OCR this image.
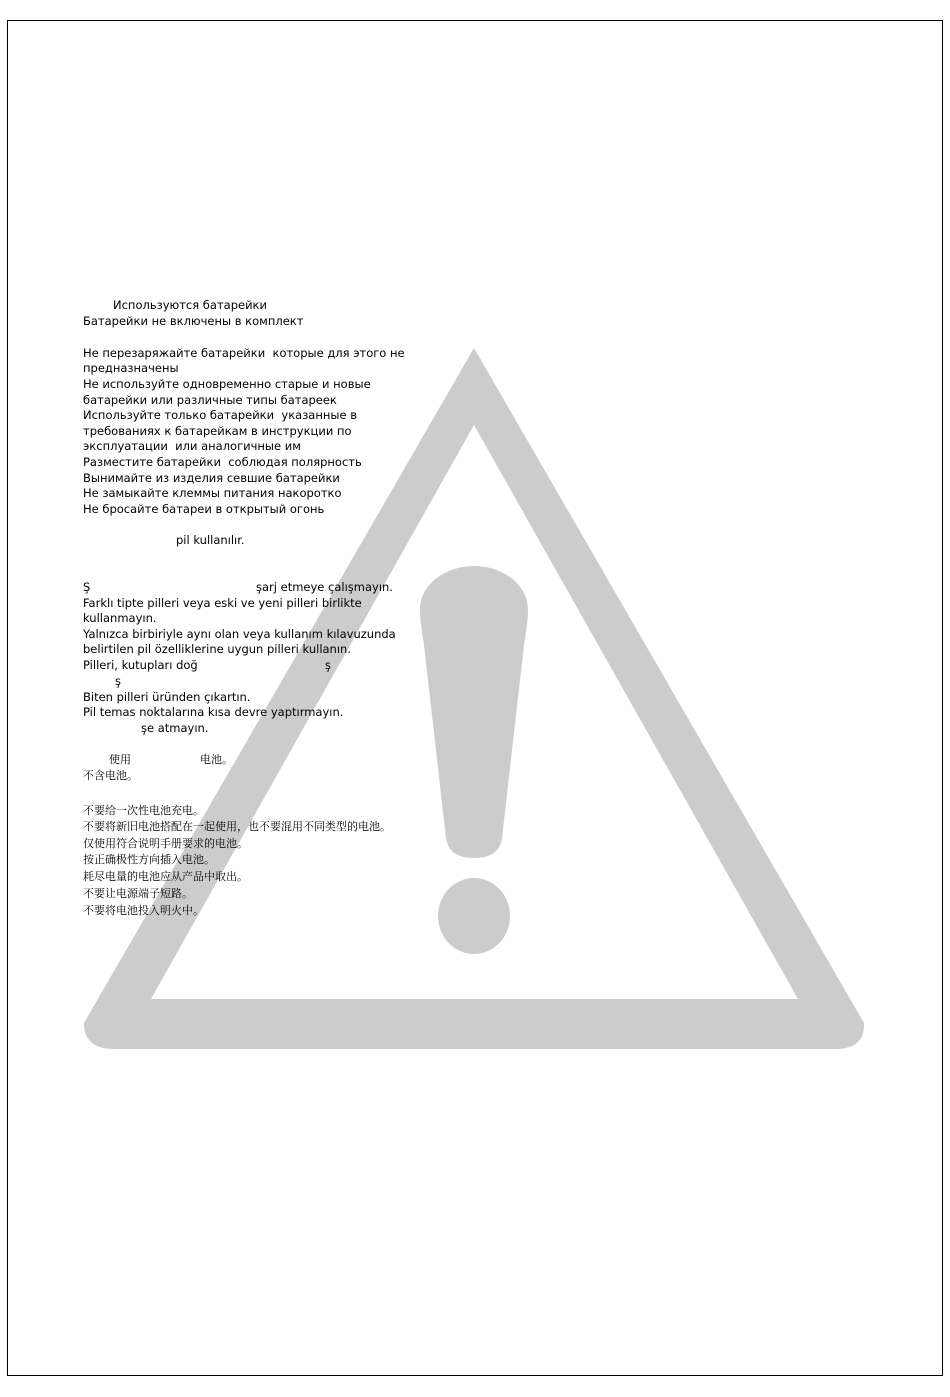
Используются батарейки

Батарейки не включены в комплект

Не перезаряжайте батарейки  которые для этого не

предназначены

Не используйте одновременно старые и новые

батарейки или различные типы батареек

Используйте только батарейки  указанные в

требованиях к батарейкам в инструкции по

эксплуатации  или аналогичные им

Разместите батарейки  соблюдая полярность

Вынимайте из изделия севшие батарейки

Не замыкайте клеммы питания накоротко

Не бросайте батареи в открытый огонь

pil kullanılır.

Ş	şarj etmeye çalışmayın.

Farklı tipte pilleri veya eski ve yeni pilleri birlikte

kullanmayın.

Yalnızca birbiriyle aynı olan veya kullanım kılavuzunda

belirtilen pil özelliklerine uygun pilleri kullanın.

Pilleri, kutupları doğ	ş

ş

Biten pilleri üründen çıkartın.

Pil temas noktalarına kısa devre yaptırmayın.

şe atmayın.

使用	电池。

不含电池。

不要给一次性电池充电。

不要将新旧电池搭配在一起使用，也不要混用不同类型的电池。

仅使用符合说明手册要求的电池。

按正确极性方向插入电池。

耗尽电量的电池应从产品中取出。

不要让电源端子短路。

不要将电池投入明火中。
